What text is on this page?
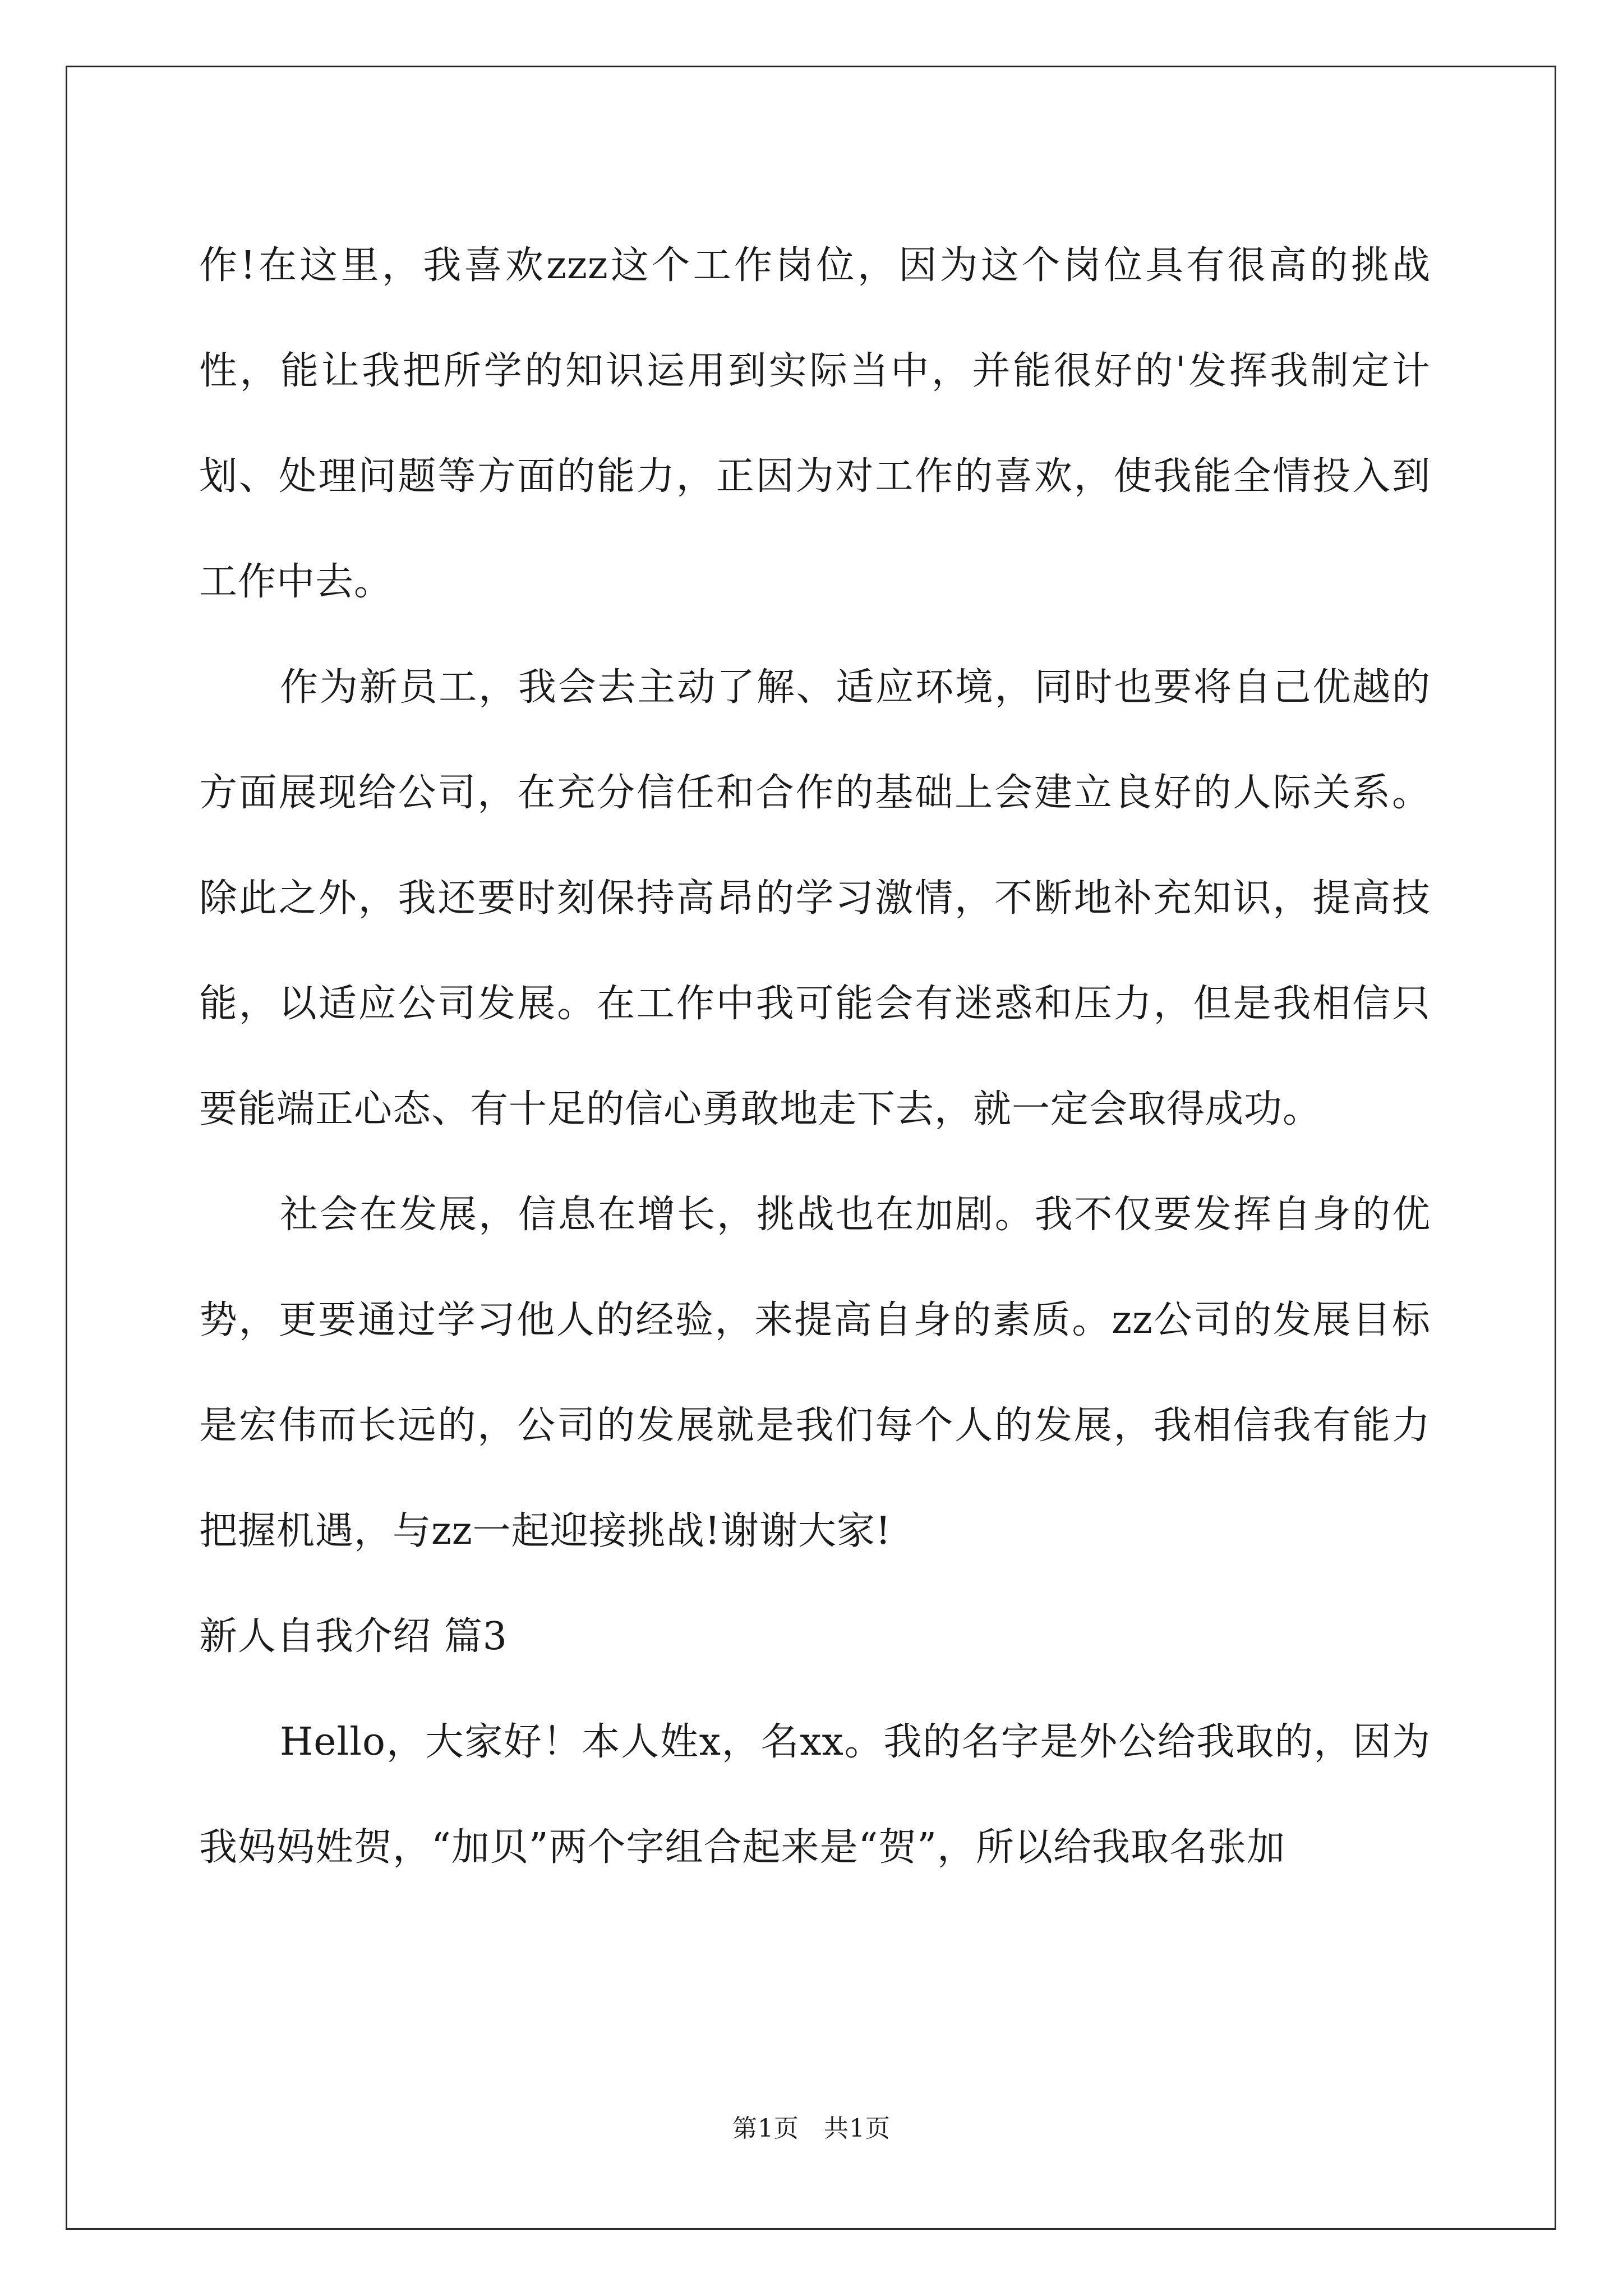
作!在这里，我喜欢zzz这个工作岗位，因为这个岗位具有很高的挑战性，能让我把所学的知识运用到实际当中，并能很好的'发挥我制定计划、处理问题等方面的能力，正因为对工作的喜欢，使我能全情投入到工作中去。

作为新员工，我会去主动了解、适应环境，同时也要将自己优越的方面展现给公司，在充分信任和合作的基础上会建立良好的人际关系。除此之外，我还要时刻保持高昂的学习激情，不断地补充知识，提高技能，以适应公司发展。在工作中我可能会有迷惑和压力，但是我相信只要能端正心态、有十足的信心勇敢地走下去，就一定会取得成功。

社会在发展，信息在增长，挑战也在加剧。我不仅要发挥自身的优势，更要通过学习他人的经验，来提高自身的素质。zz公司的发展目标是宏伟而长远的，公司的发展就是我们每个人的发展，我相信我有能力把握机遇，与zz一起迎接挑战!谢谢大家!

新人自我介绍 篇3

Hello，大家好！本人姓x，名xx。我的名字是外公给我取的，因为我妈妈姓贺，“加贝”两个字组合起来是“贺”，所以给我取名张加

第1页 共1页
